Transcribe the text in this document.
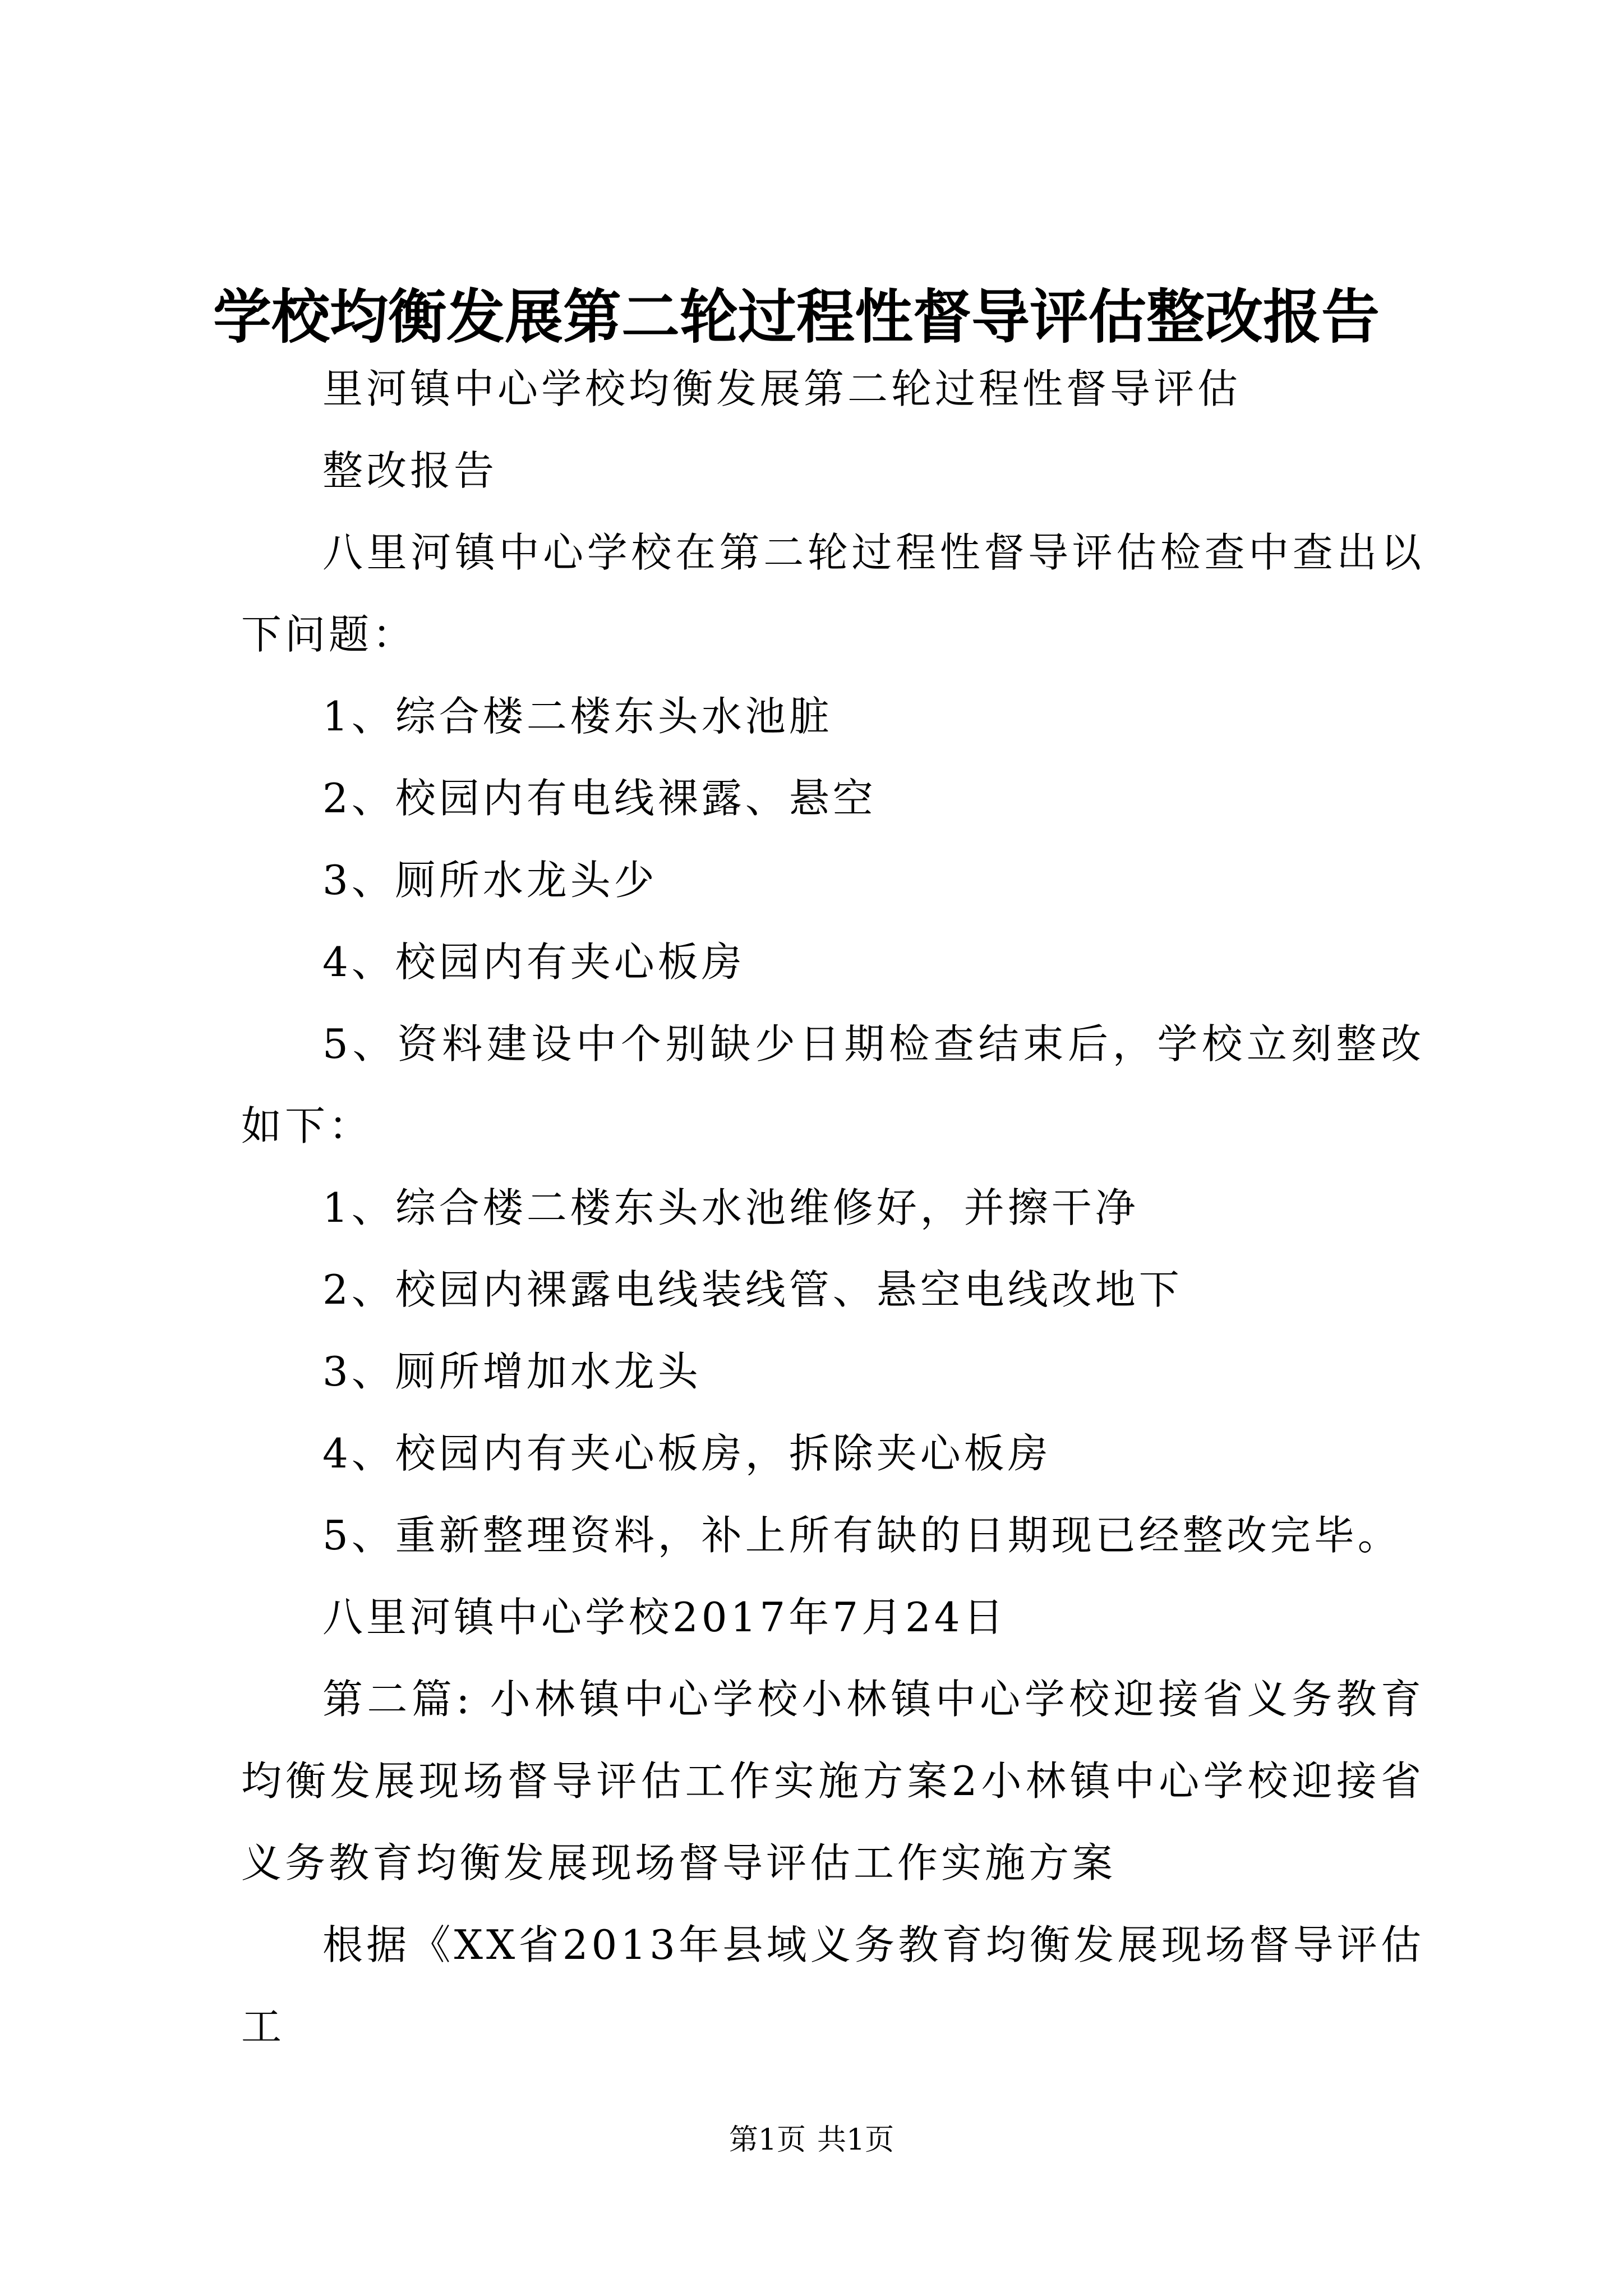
学校均衡发展第二轮过程性督导评估整改报告

里河镇中心学校均衡发展第二轮过程性督导评估

整改报告

八里河镇中心学校在第二轮过程性督导评估检查中查出以下问题：

1、综合楼二楼东头水池脏

2、校园内有电线裸露、悬空

3、厕所水龙头少

4、校园内有夹心板房

5、资料建设中个别缺少日期检查结束后，学校立刻整改如下：

1、综合楼二楼东头水池维修好，并擦干净

2、校园内裸露电线装线管、悬空电线改地下

3、厕所增加水龙头

4、校园内有夹心板房，拆除夹心板房

5、重新整理资料，补上所有缺的日期现已经整改完毕。

八里河镇中心学校2017年7月24日

第二篇: 小林镇中心学校小林镇中心学校迎接省义务教育均衡发展现场督导评估工作实施方案2小林镇中心学校迎接省义务教育均衡发展现场督导评估工作实施方案

根据《XX省2013年县域义务教育均衡发展现场督导评估工

第1页 共1页
